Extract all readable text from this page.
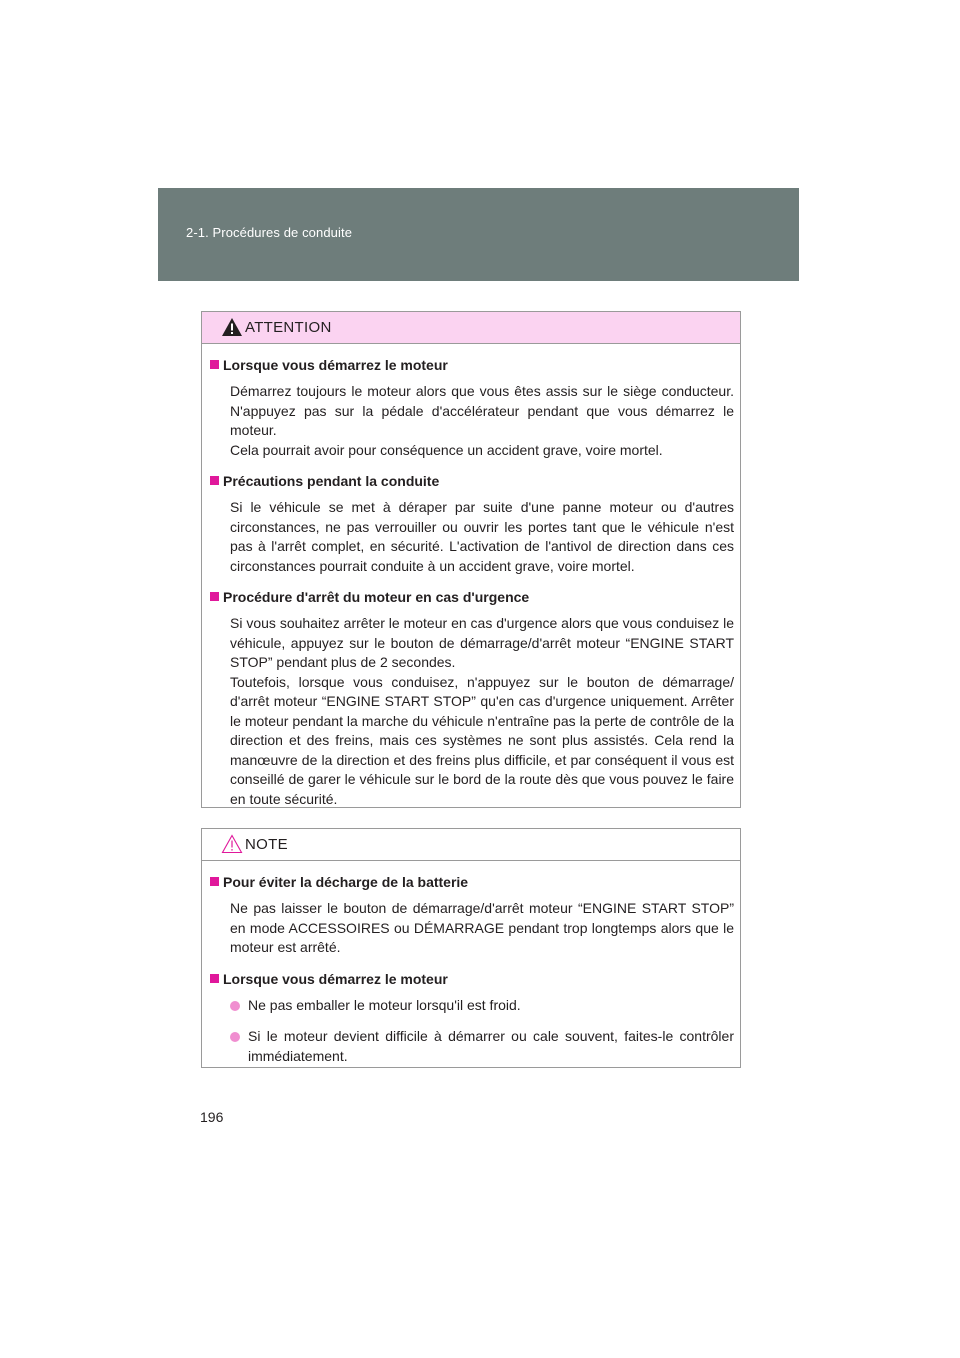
2-1. Procédures de conduite
ATTENTION
Lorsque vous démarrez le moteur
Démarrez toujours le moteur alors que vous êtes assis sur le siège conducteur. N'appuyez pas sur la pédale d'accélérateur pendant que vous démarrez le moteur.
Cela pourrait avoir pour conséquence un accident grave, voire mortel.
Précautions pendant la conduite
Si le véhicule se met à déraper par suite d'une panne moteur ou d'autres circonstances, ne pas verrouiller ou ouvrir les portes tant que le véhicule n'est pas à l'arrêt complet, en sécurité. L'activation de l'antivol de direction dans ces circonstances pourrait conduite à un accident grave, voire mortel.
Procédure d'arrêt du moteur en cas d'urgence
Si vous souhaitez arrêter le moteur en cas d'urgence alors que vous conduisez le véhicule, appuyez sur le bouton de démarrage/d'arrêt moteur “ENGINE START STOP” pendant plus de 2 secondes.
Toutefois, lorsque vous conduisez, n'appuyez sur le bouton de démarrage/ d'arrêt moteur “ENGINE START STOP” qu'en cas d'urgence uniquement. Arrêter le moteur pendant la marche du véhicule n'entraîne pas la perte de contrôle de la direction et des freins, mais ces systèmes ne sont plus assistés. Cela rend la manœuvre de la direction et des freins plus difficile, et par conséquent il vous est conseillé de garer le véhicule sur le bord de la route dès que vous pouvez le faire en toute sécurité.
NOTE
Pour éviter la décharge de la batterie
Ne pas laisser le bouton de démarrage/d'arrêt moteur “ENGINE START STOP” en mode ACCESSOIRES ou DÉMARRAGE pendant trop longtemps alors que le moteur est arrêté.
Lorsque vous démarrez le moteur
Ne pas emballer le moteur lorsqu'il est froid.
Si le moteur devient difficile à démarrer ou cale souvent, faites-le contrôler immédiatement.
196
